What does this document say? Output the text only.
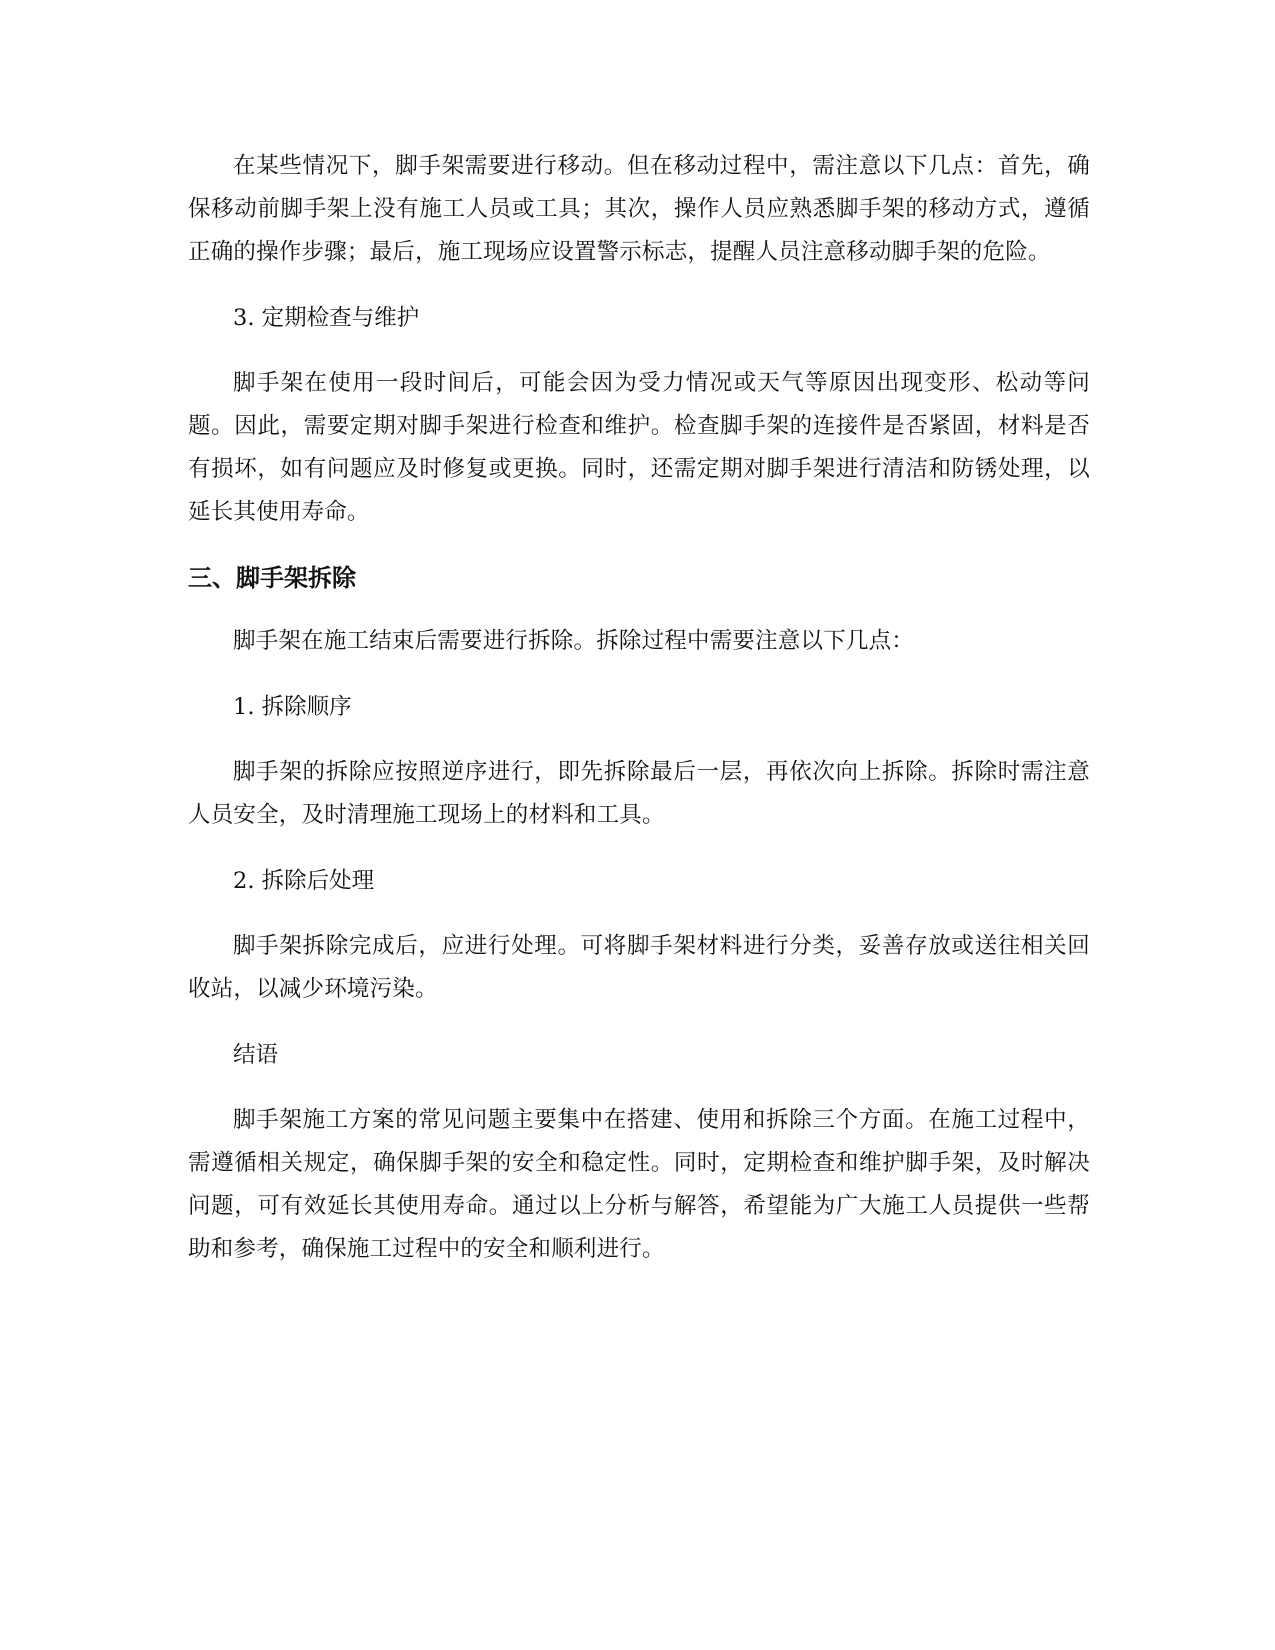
在某些情况下，脚手架需要进行移动。但在移动过程中，需注意以下几点：首先，确保移动前脚手架上没有施工人员或工具；其次，操作人员应熟悉脚手架的移动方式，遵循正确的操作步骤；最后，施工现场应设置警示标志，提醒人员注意移动脚手架的危险。

3. 定期检查与维护

脚手架在使用一段时间后，可能会因为受力情况或天气等原因出现变形、松动等问题。因此，需要定期对脚手架进行检查和维护。检查脚手架的连接件是否紧固，材料是否有损坏，如有问题应及时修复或更换。同时，还需定期对脚手架进行清洁和防锈处理，以延长其使用寿命。

三、脚手架拆除

脚手架在施工结束后需要进行拆除。拆除过程中需要注意以下几点：

1. 拆除顺序

脚手架的拆除应按照逆序进行，即先拆除最后一层，再依次向上拆除。拆除时需注意人员安全，及时清理施工现场上的材料和工具。

2. 拆除后处理

脚手架拆除完成后，应进行处理。可将脚手架材料进行分类，妥善存放或送往相关回收站，以减少环境污染。

结语

脚手架施工方案的常见问题主要集中在搭建、使用和拆除三个方面。在施工过程中，需遵循相关规定，确保脚手架的安全和稳定性。同时，定期检查和维护脚手架，及时解决问题，可有效延长其使用寿命。通过以上分析与解答，希望能为广大施工人员提供一些帮助和参考，确保施工过程中的安全和顺利进行。
